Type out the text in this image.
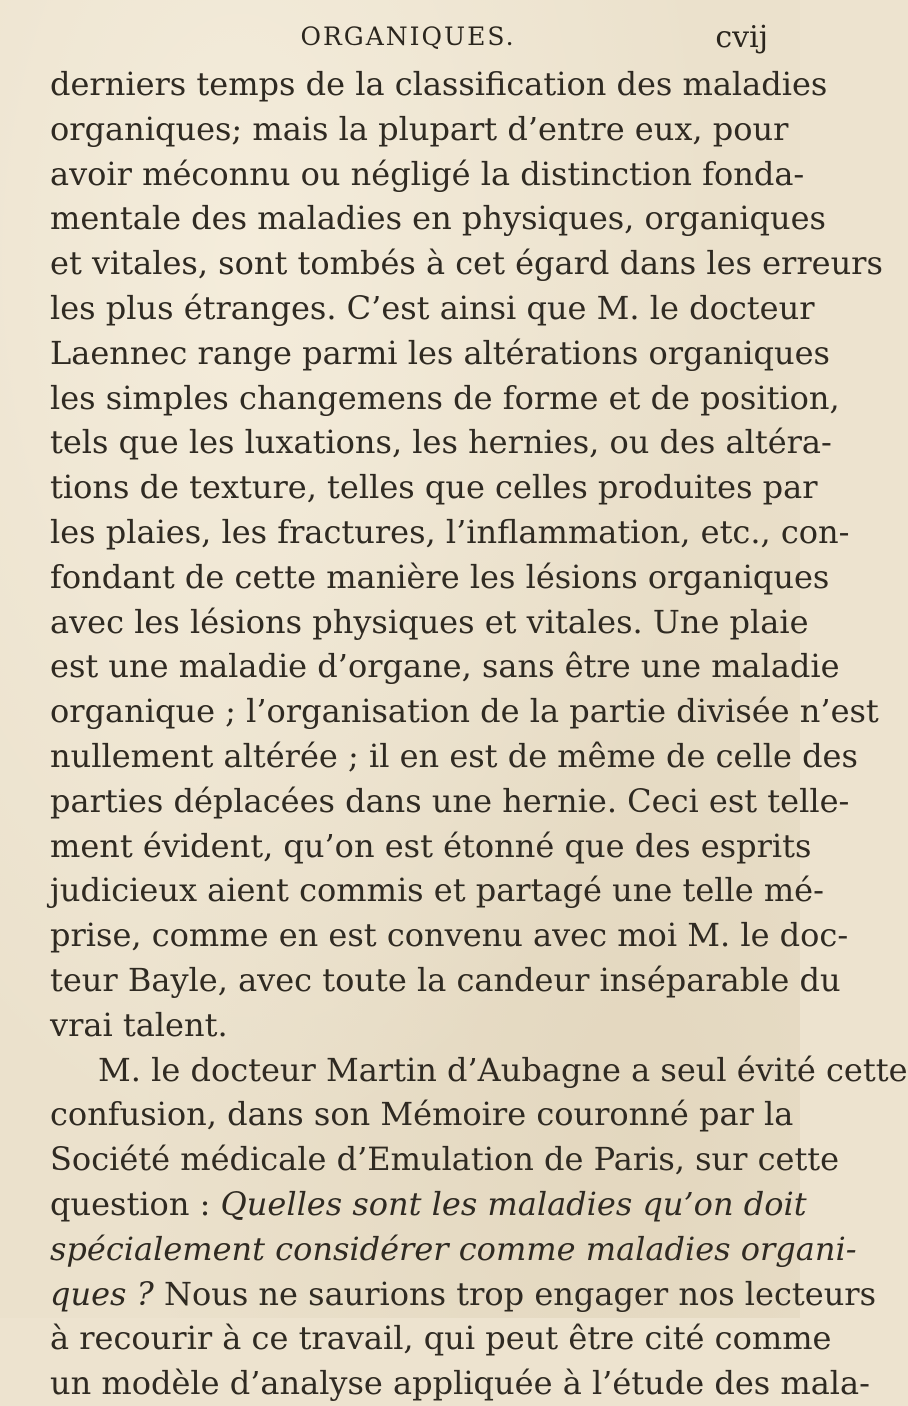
ORGANIQUES.	cvij
derniers temps de la classification des maladies
organiques; mais la plupart d’entre eux, pour
avoir méconnu ou négligé la distinction fonda-
mentale des maladies en physiques, organiques
et vitales, sont tombés à cet égard dans les erreurs
les plus étranges. C’est ainsi que M. le docteur
Laennec range parmi les altérations organiques
les simples changemens de forme et de position,
tels que les luxations, les hernies, ou des altéra-
tions de texture, telles que celles produites par
les plaies, les fractures, l’inflammation, etc., con-
fondant de cette manière les lésions organiques
avec les lésions physiques et vitales. Une plaie
est une maladie d’organe, sans être une maladie
organique ; l’organisation de la partie divisée n’est
nullement altérée ; il en est de même de celle des
parties déplacées dans une hernie. Ceci est telle-
ment évident, qu’on est étonné que des esprits
judicieux aient commis et partagé une telle mé-
prise, comme en est convenu avec moi M. le doc-
teur Bayle, avec toute la candeur inséparable du
vrai talent.
M. le docteur Martin d’Aubagne a seul évité cette
confusion, dans son Mémoire couronné par la
Société médicale d’Emulation de Paris, sur cette
question : Quelles sont les maladies qu’on doit
spécialement considérer comme maladies organi-
ques ? Nous ne saurions trop engager nos lecteurs
à recourir à ce travail, qui peut être cité comme
un modèle d’analyse appliquée à l’étude des mala-
